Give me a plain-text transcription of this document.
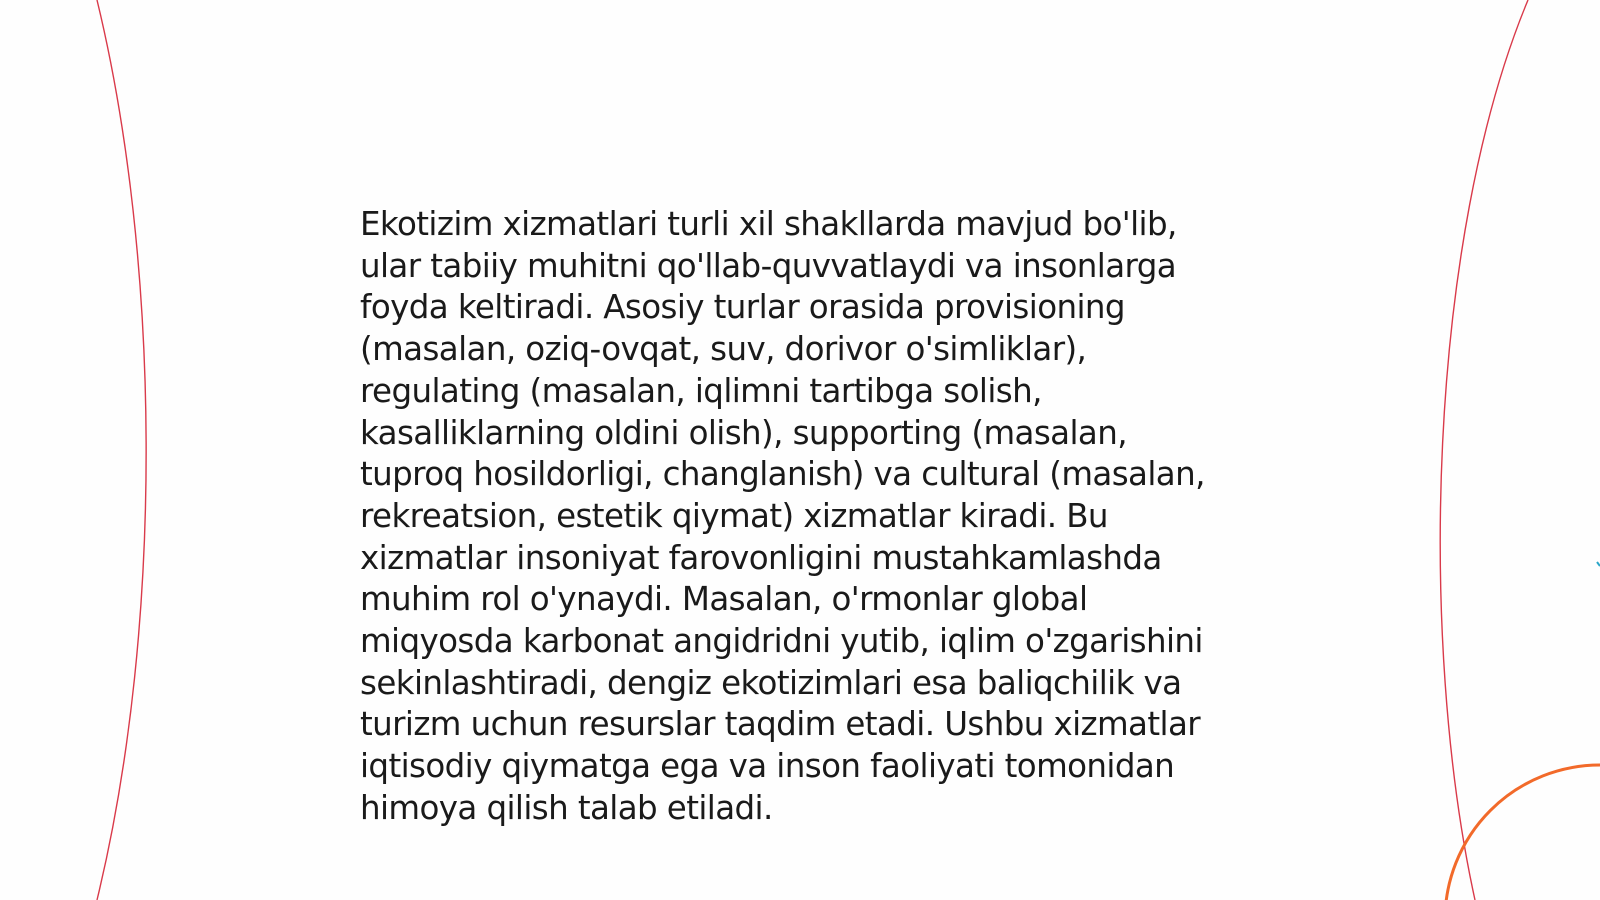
Ekotizim xizmatlari turli xil shakllarda mavjud bo'lib,
ular tabiiy muhitni qo'llab-quvvatlaydi va insonlarga
foyda keltiradi. Asosiy turlar orasida provisioning
(masalan, oziq-ovqat, suv, dorivor o'simliklar),
regulating (masalan, iqlimni tartibga solish,
kasalliklarning oldini olish), supporting (masalan,
tuproq hosildorligi, changlanish) va cultural (masalan,
rekreatsion, estetik qiymat) xizmatlar kiradi. Bu
xizmatlar insoniyat farovonligini mustahkamlashda
muhim rol o'ynaydi. Masalan, o'rmonlar global
miqyosda karbonat angidridni yutib, iqlim o'zgarishini
sekinlashtiradi, dengiz ekotizimlari esa baliqchilik va
turizm uchun resurslar taqdim etadi. Ushbu xizmatlar
iqtisodiy qiymatga ega va inson faoliyati tomonidan
himoya qilish talab etiladi.
